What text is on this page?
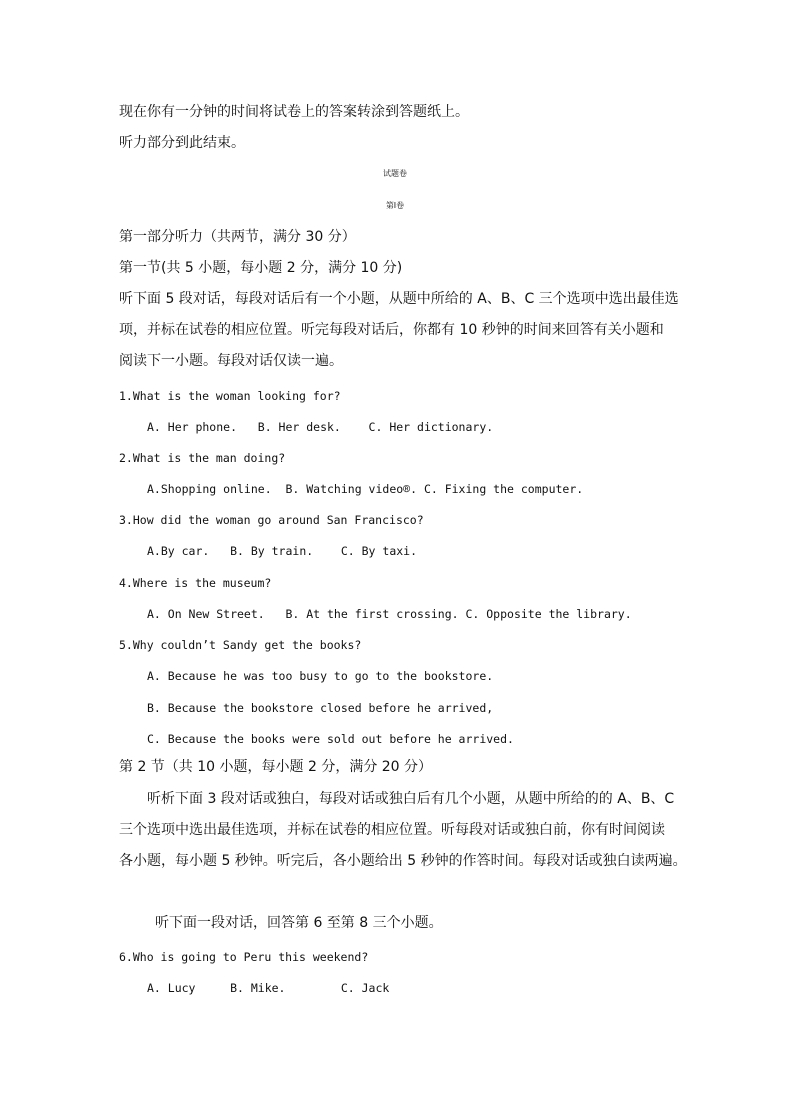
现在你有一分钟的时间将试卷上的答案转涂到答题纸上。
听力部分到此结束。
试题卷
第Ⅰ卷
第一部分听力（共两节，满分 30 分）
第一节(共 5 小题，每小题 2 分，满分 10 分)
听下面 5 段对话，每段对话后有一个小题，从题中所给的 A、B、C 三个选项中选出最佳选
项，并标在试卷的相应位置。听完每段对话后，你都有 10 秒钟的时间来回答有关小题和
阅读下一小题。每段对话仅读一遍。
1.What is the woman looking for?
A. Her phone.   B. Her desk.    C. Her dictionary.
2.What is the man doing?
A.Shopping online.  B. Watching video®. C. Fixing the computer.
3.How did the woman go around San Francisco?
A.By car.   B. By train.    C. By taxi.
4.Where is the museum?
A. On New Street.   B. At the first crossing. C. Opposite the library.
5.Why couldn’t Sandy get the books?
A. Because he was too busy to go to the bookstore.
B. Because the bookstore closed before he arrived,
C. Because the books were sold out before he arrived.
第 2 节（共 10 小题，每小题 2 分，满分 20 分）
听析下面 3 段对话或独白，每段对话或独白后有几个小题，从题中所给的的 A、B、C
三个选项中选出最佳选项，并标在试卷的相应位置。听每段对话或独白前，你有时间阅读
各小题，每小题 5 秒钟。听完后，各小题给出 5 秒钟的作答时间。每段对话或独白读两遍。
听下面一段对话，回答第 6 至第 8 三个小题。
6.Who is going to Peru this weekend?
A. Lucy     B. Mike.        C. Jack
